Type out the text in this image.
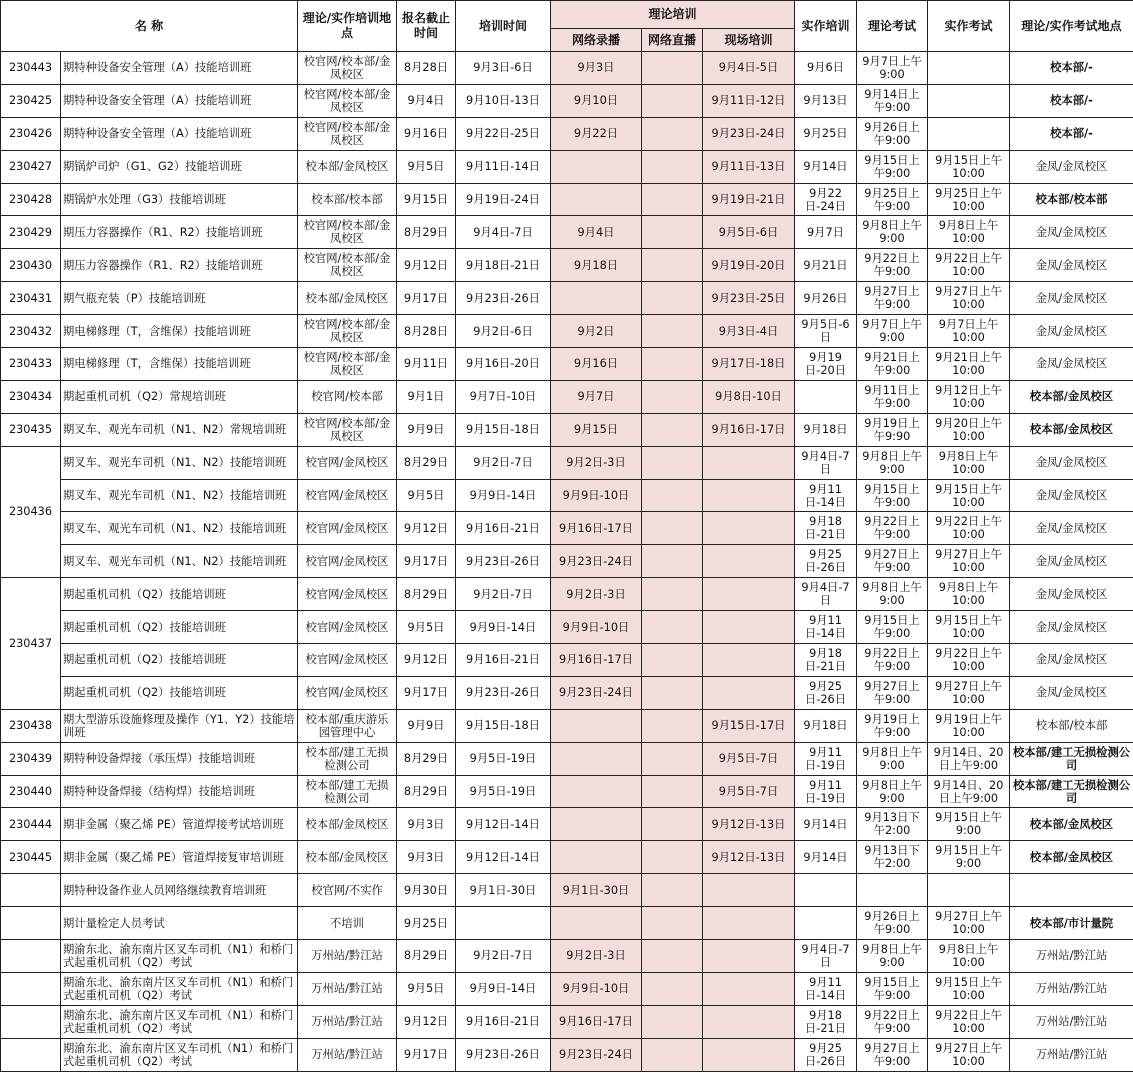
名 称		理论/实作培训地点	报名截止时间	培训时间	理论培训			实作培训	理论考试	实作考试	理论/实作考试地点
					网络录播	网络直播	现场培训				
230443	期特种设备安全管理（A）技能培训班	校官网/校本部/金凤校区	8月28日	9月3日-6日	9月3日		9月4日-5日	9月6日	9月7日上午9:00		校本部/-
230425	期特种设备安全管理（A）技能培训班	校官网/校本部/金凤校区	9月4日	9月10日-13日	9月10日		9月11日-12日	9月13日	9月14日上午9:00		校本部/-
230426	期特种设备安全管理（A）技能培训班	校官网/校本部/金凤校区	9月16日	9月22日-25日	9月22日		9月23日-24日	9月25日	9月26日上午9:00		校本部/-
230427	期锅炉司炉（G1、G2）技能培训班	校本部/金凤校区	9月5日	9月11日-14日			9月11日-13日	9月14日	9月15日上午9:00	9月15日上午10:00	金凤/金凤校区
230428	期锅炉水处理（G3）技能培训班	校本部/校本部	9月15日	9月19日-24日			9月19日-21日	9月22日-24日	9月25日上午9:00	9月25日上午10:00	校本部/校本部
230429	期压力容器操作（R1、R2）技能培训班	校官网/校本部/金凤校区	8月29日	9月4日-7日	9月4日		9月5日-6日	9月7日	9月8日上午9:00	9月8日上午10:00	金凤/金凤校区
230430	期压力容器操作（R1、R2）技能培训班	校官网/校本部/金凤校区	9月12日	9月18日-21日	9月18日		9月19日-20日	9月21日	9月22日上午9:00	9月22日上午10:00	金凤/金凤校区
230431	期气瓶充装（P）技能培训班	校本部/金凤校区	9月17日	9月23日-26日			9月23日-25日	9月26日	9月27日上午9:00	9月27日上午10:00	金凤/金凤校区
230432	期电梯修理（T，含维保）技能培训班	校官网/校本部/金凤校区	8月28日	9月2日-6日	9月2日		9月3日-4日	9月5日-6日	9月7日上午9:00	9月7日上午10:00	金凤/金凤校区
230433	期电梯修理（T，含维保）技能培训班	校官网/校本部/金凤校区	9月11日	9月16日-20日	9月16日		9月17日-18日	9月19日-20日	9月21日上午9:00	9月21日上午10:00	金凤/金凤校区
230434	期起重机司机（Q2）常规培训班	校官网/校本部	9月1日	9月7日-10日	9月7日		9月8日-10日		9月11日上午9:00	9月12日上午10:00	校本部/金凤校区
230435	期叉车、观光车司机（N1、N2）常规培训班	校官网/校本部/金凤校区	9月9日	9月15日-18日	9月15日		9月16日-17日	9月18日	9月19日上午9:90	9月20日上午10:00	校本部/金凤校区
230436	期叉车、观光车司机（N1、N2）技能培训班	校官网/金凤校区	8月29日	9月2日-7日	9月2日-3日			9月4日-7日	9月8日上午9:00	9月8日上午10:00	金凤/金凤校区
	期叉车、观光车司机（N1、N2）技能培训班	校官网/金凤校区	9月5日	9月9日-14日	9月9日-10日			9月11日-14日	9月15日上午9:00	9月15日上午10:00	金凤/金凤校区
	期叉车、观光车司机（N1、N2）技能培训班	校官网/金凤校区	9月12日	9月16日-21日	9月16日-17日			9月18日-21日	9月22日上午9:00	9月22日上午10:00	金凤/金凤校区
	期叉车、观光车司机（N1、N2）技能培训班	校官网/金凤校区	9月17日	9月23日-26日	9月23日-24日			9月25日-26日	9月27日上午9:00	9月27日上午10:00	金凤/金凤校区
230437	期起重机司机（Q2）技能培训班	校官网/金凤校区	8月29日	9月2日-7日	9月2日-3日			9月4日-7日	9月8日上午9:00	9月8日上午10:00	金凤/金凤校区
	期起重机司机（Q2）技能培训班	校官网/金凤校区	9月5日	9月9日-14日	9月9日-10日			9月11日-14日	9月15日上午9:00	9月15日上午10:00	金凤/金凤校区
	期起重机司机（Q2）技能培训班	校官网/金凤校区	9月12日	9月16日-21日	9月16日-17日			9月18日-21日	9月22日上午9:00	9月22日上午10:00	金凤/金凤校区
	期起重机司机（Q2）技能培训班	校官网/金凤校区	9月17日	9月23日-26日	9月23日-24日			9月25日-26日	9月27日上午9:00	9月27日上午10:00	金凤/金凤校区
230438	期大型游乐设施修理及操作（Y1、Y2）技能培训班	校本部/重庆游乐园管理中心	9月9日	9月15日-18日			9月15日-17日	9月18日	9月19日上午9:00	9月19日上午10:00	校本部/校本部
230439	期特种设备焊接（承压焊）技能培训班	校本部/建工无损检测公司	8月29日	9月5日-19日			9月5日-7日	9月11日-19日	9月8日上午9:00	9月14日、20日上午9:00	校本部/建工无损检测公司
230440	期特种设备焊接（结构焊）技能培训班	校本部/建工无损检测公司	8月29日	9月5日-19日			9月5日-7日	9月11日-19日	9月8日上午9:00	9月14日、20日上午9:00	校本部/建工无损检测公司
230444	期非金属（聚乙烯 PE）管道焊接考试培训班	校本部/金凤校区	9月3日	9月12日-14日			9月12日-13日	9月14日	9月13日下午2:00	9月15日上午9:00	校本部/金凤校区
230445	期非金属（聚乙烯 PE）管道焊接复审培训班	校本部/金凤校区	9月3日	9月12日-14日			9月12日-13日	9月14日	9月13日下午2:00	9月15日上午9:00	校本部/金凤校区
	期特种设备作业人员网络继续教育培训班	校官网/不实作	9月30日	9月1日-30日	9月1日-30日						
	期计量检定人员考试	不培训	9月25日						9月26日上午9:00	9月27日上午10:00	校本部/市计量院
	期渝东北、渝东南片区叉车司机（N1）和桥门式起重机司机（Q2）考试	万州站/黔江站	8月29日	9月2日-7日	9月2日-3日			9月4日-7日	9月8日上午9:00	9月8日上午10:00	万州站/黔江站
	期渝东北、渝东南片区叉车司机（N1）和桥门式起重机司机（Q2）考试	万州站/黔江站	9月5日	9月9日-14日	9月9日-10日			9月11日-14日	9月15日上午9:00	9月15日上午10:00	万州站/黔江站
	期渝东北、渝东南片区叉车司机（N1）和桥门式起重机司机（Q2）考试	万州站/黔江站	9月12日	9月16日-21日	9月16日-17日			9月18日-21日	9月22日上午9:00	9月22日上午10:00	万州站/黔江站
	期渝东北、渝东南片区叉车司机（N1）和桥门式起重机司机（Q2）考试	万州站/黔江站	9月17日	9月23日-26日	9月23日-24日			9月25日-26日	9月27日上午9:00	9月27日上午10:00	万州站/黔江站
